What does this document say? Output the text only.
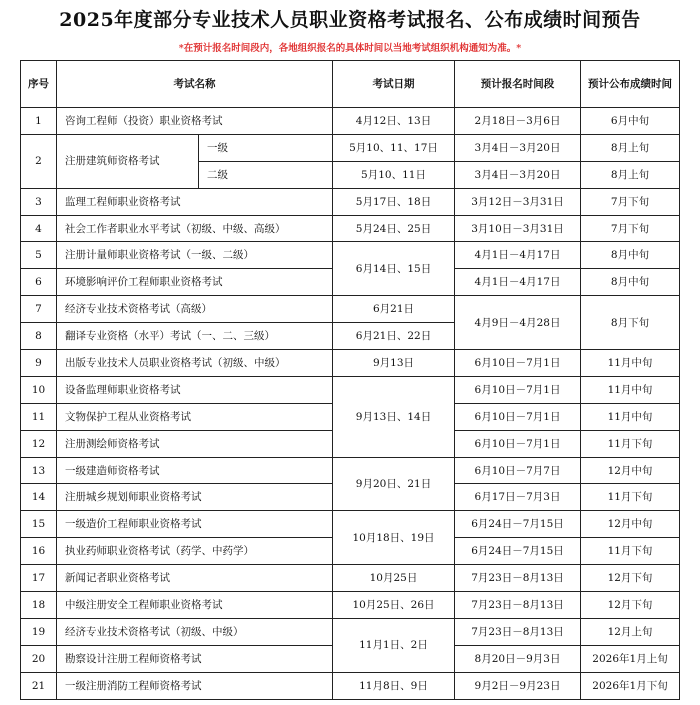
2025年度部分专业技术人员职业资格考试报名、公布成绩时间预告
*在预计报名时间段内，各地组织报名的具体时间以当地考试组织机构通知为准。*
序号	考试名称		考试日期	预计报名时间段	预计公布成绩时间
1	咨询工程师（投资）职业资格考试		4月12日、13日	2月18日－3月6日	6月中旬
2	注册建筑师资格考试	一级	5月10、11、17日	3月4日－3月20日	8月上旬
		二级	5月10、11日	3月4日－3月20日	8月上旬
3	监理工程师职业资格考试		5月17日、18日	3月12日－3月31日	7月下旬
4	社会工作者职业水平考试（初级、中级、高级）		5月24日、25日	3月10日－3月31日	7月下旬
5	注册计量师职业资格考试（一级、二级）		6月14日、15日	4月1日－4月17日	8月中旬
6	环境影响评价工程师职业资格考试			4月1日－4月17日	8月中旬
7	经济专业技术资格考试（高级）		6月21日	4月9日－4月28日	8月下旬
8	翻译专业资格（水平）考试（一、二、三级）		6月21日、22日		
9	出版专业技术人员职业资格考试（初级、中级）		9月13日	6月10日－7月1日	11月中旬
10	设备监理师职业资格考试		9月13日、14日	6月10日－7月1日	11月中旬
11	文物保护工程从业资格考试			6月10日－7月1日	11月中旬
12	注册测绘师资格考试			6月10日－7月1日	11月下旬
13	一级建造师资格考试		9月20日、21日	6月10日－7月7日	12月中旬
14	注册城乡规划师职业资格考试			6月17日－7月3日	11月下旬
15	一级造价工程师职业资格考试		10月18日、19日	6月24日－7月15日	12月中旬
16	执业药师职业资格考试（药学、中药学）			6月24日－7月15日	11月下旬
17	新闻记者职业资格考试		10月25日	7月23日－8月13日	12月下旬
18	中级注册安全工程师职业资格考试		10月25日、26日	7月23日－8月13日	12月下旬
19	经济专业技术资格考试（初级、中级）		11月1日、2日	7月23日－8月13日	12月上旬
20	勘察设计注册工程师资格考试			8月20日－9月3日	2026年1月上旬
21	一级注册消防工程师资格考试		11月8日、9日	9月2日－9月23日	2026年1月下旬
